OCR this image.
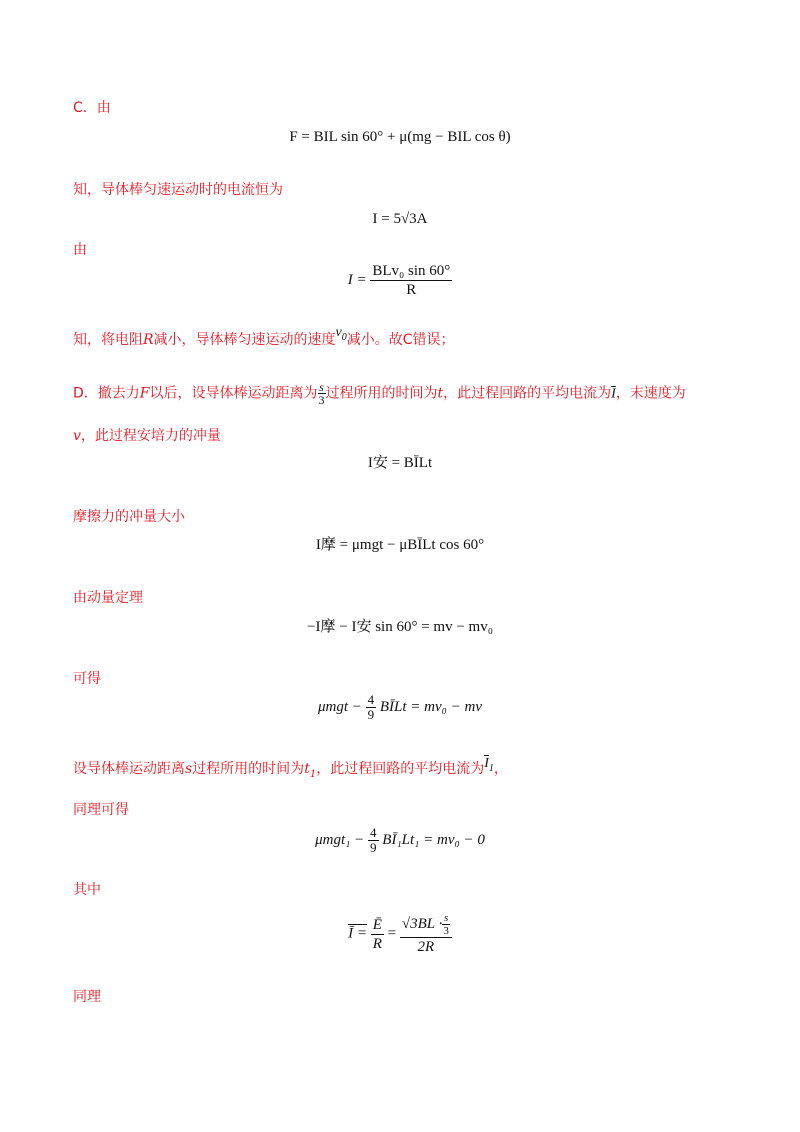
C．由

F = BIL sin 60° + μ(mg − BIL cos θ)

知，导体棒匀速运动时的电流恒为

I = 5√3A

由

$I = \frac{\text{BLv₀ sin 60°}}{R}$

知，将电阻R减小，导体棒匀速运动的速度$v_0$减小。故C错误；

D．撤去力F以后，设导体棒运动距离为 $\frac{s}{3}$ 过程所用的时间为t，此过程回路的平均电流为$\overline{I}$，末速度为

v，此过程安培力的冲量

I安 = BĪLt

摩擦力的冲量大小

I摩 = μmgt − μBĪLt cos 60°

由动量定理

−I摩 − I安 sin 60° = mv − mv₀

可得

$\mu mgt - \frac{4}{9}$ BĪLt = mv₀ − mv

设导体棒运动距离s过程所用的时间为$t_1$，此过程回路的平均电流为$\overline{I}_1$，

同理可得

$\mu mgt_1 - \frac{4}{9}$ BĪ₁Lt₁ = mv₀ − 0

其中

Ī = $\frac{Ē}{R} = \frac{√3BL \cdot \frac{s}{3}}{2R}$

同理
